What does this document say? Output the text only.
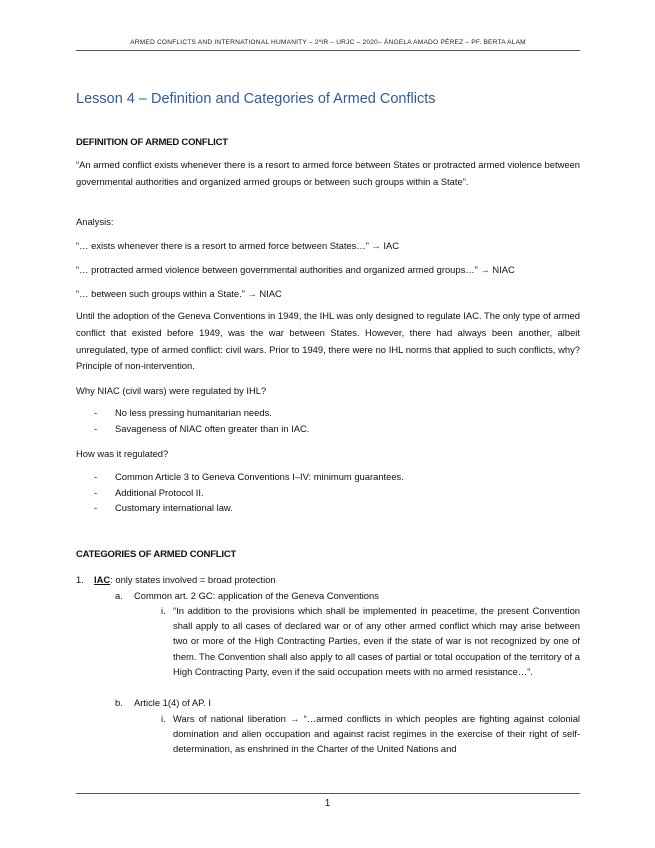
ARMED CONFLICTS AND INTERNATIONAL HUMANITY – 2ºIR – URJC – 2020– ÁNGELA AMADO PÉREZ – PF. BERTA ALAM
Lesson 4 – Definition and Categories of Armed Conflicts
DEFINITION OF ARMED CONFLICT

“An armed conflict exists whenever there is a resort to armed force between States or protracted armed violence between governmental authorities and organized armed groups or between such groups within a State”.

Analysis:

“… exists whenever there is a resort to armed force between States…” → IAC

“… protracted armed violence between governmental authorities and organized armed groups…” → NIAC

“… between such groups within a State.” → NIAC

Until the adoption of the Geneva Conventions in 1949, the IHL was only designed to regulate IAC. The only type of armed conflict that existed before 1949, was the war between States. However, there had always been another, albeit unregulated, type of armed conflict: civil wars. Prior to 1949, there were no IHL norms that applied to such conflicts, why? Principle of non-intervention.

Why NIAC (civil wars) were regulated by IHL?

- No less pressing humanitarian needs.
- Savageness of NIAC often greater than in IAC.

How was it regulated?

- Common Article 3 to Geneva Conventions I–IV: minimum guarantees.
- Additional Protocol II.
- Customary international law.
CATEGORIES OF ARMED CONFLICT
1. IAC: only states involved = broad protection
a. Common art. 2 GC: application of the Geneva Conventions
i. “In addition to the provisions which shall be implemented in peacetime, the present Convention shall apply to all cases of declared war or of any other armed conflict which may arise between two or more of the High Contracting Parties, even if the state of war is not recognized by one of them. The Convention shall also apply to all cases of partial or total occupation of the territory of a High Contracting Party, even if the said occupation meets with no armed resistance…”.

b. Article 1(4) of AP. I
i. Wars of national liberation → “…armed conflicts in which peoples are fighting against colonial domination and alien occupation and against racist regimes in the exercise of their right of self-determination, as enshrined in the Charter of the United Nations and

1
